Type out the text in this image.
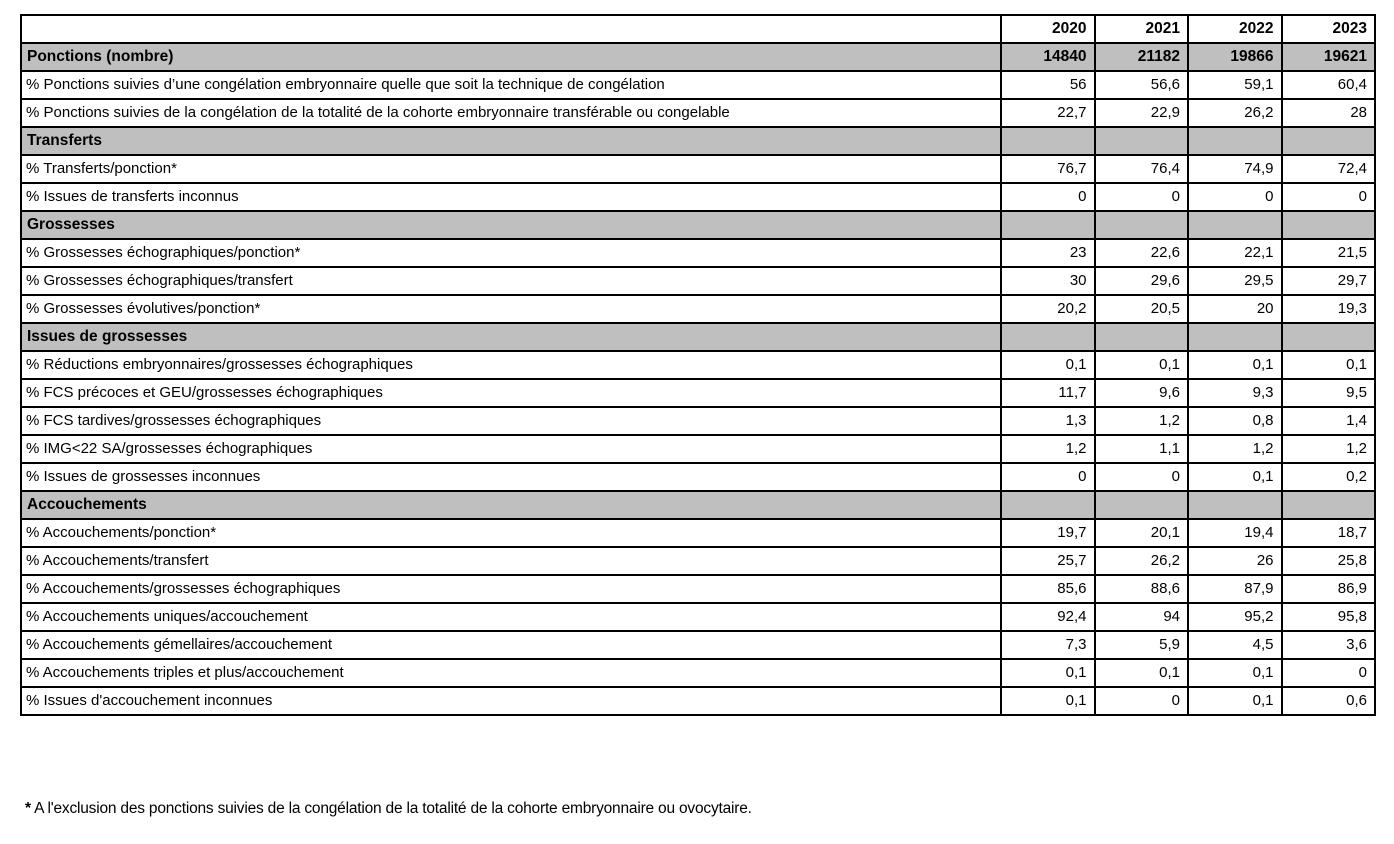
	2020	2021	2022	2023
Ponctions (nombre)	14840	21182	19866	19621
% Ponctions suivies d’une congélation embryonnaire quelle que soit la technique de congélation	56	56,6	59,1	60,4
% Ponctions suivies de la congélation de la totalité de la cohorte embryonnaire transférable ou congelable	22,7	22,9	26,2	28
Transferts				
% Transferts/ponction*	76,7	76,4	74,9	72,4
% Issues de transferts inconnus	0	0	0	0
Grossesses				
% Grossesses échographiques/ponction*	23	22,6	22,1	21,5
% Grossesses échographiques/transfert	30	29,6	29,5	29,7
% Grossesses évolutives/ponction*	20,2	20,5	20	19,3
Issues de grossesses				
% Réductions embryonnaires/grossesses échographiques	0,1	0,1	0,1	0,1
% FCS précoces et GEU/grossesses échographiques	11,7	9,6	9,3	9,5
% FCS tardives/grossesses échographiques	1,3	1,2	0,8	1,4
% IMG<22 SA/grossesses échographiques	1,2	1,1	1,2	1,2
% Issues de grossesses inconnues	0	0	0,1	0,2
Accouchements				
% Accouchements/ponction*	19,7	20,1	19,4	18,7
% Accouchements/transfert	25,7	26,2	26	25,8
% Accouchements/grossesses échographiques	85,6	88,6	87,9	86,9
% Accouchements uniques/accouchement	92,4	94	95,2	95,8
% Accouchements gémellaires/accouchement	7,3	5,9	4,5	3,6
% Accouchements triples et plus/accouchement	0,1	0,1	0,1	0
% Issues d'accouchement inconnues	0,1	0	0,1	0,6
* A l'exclusion des ponctions suivies de la congélation de la totalité de la cohorte embryonnaire ou ovocytaire.
